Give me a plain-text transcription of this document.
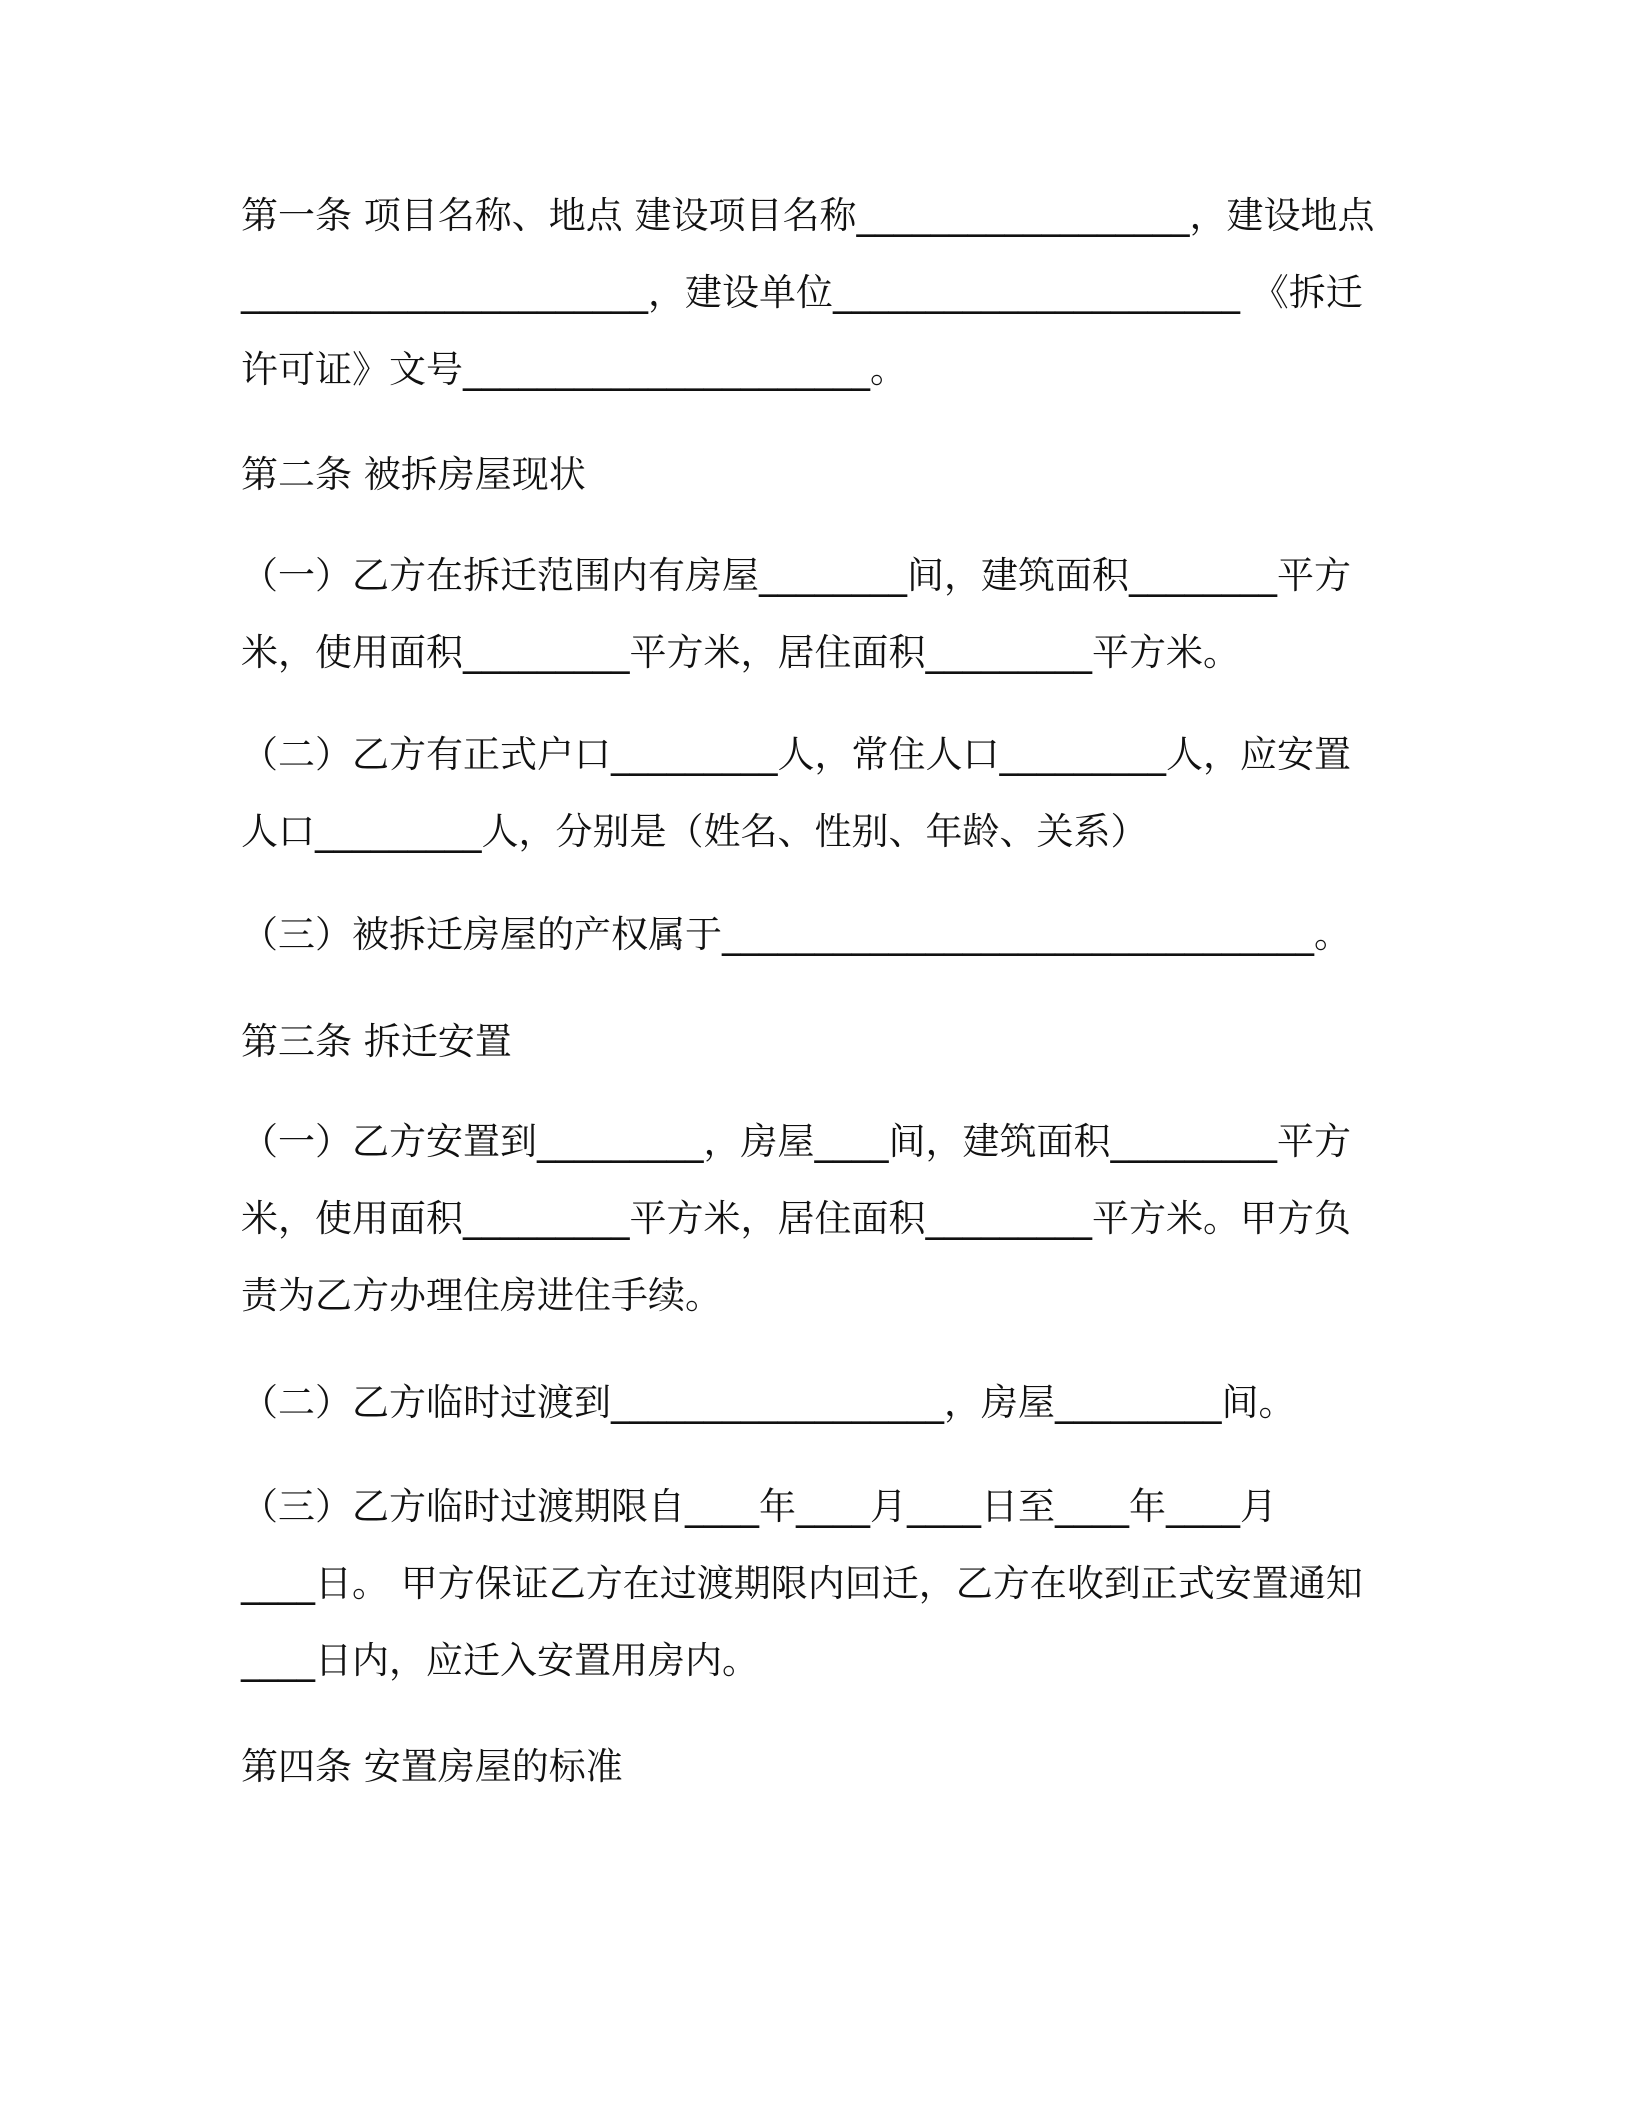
第一条 项目名称、地点 建设项目名称__________________，建设地点
______________________，建设单位______________________ 《拆迁
许可证》文号______________________。
第二条 被拆房屋现状
（一）乙方在拆迁范围内有房屋________间，建筑面积________平方
米，使用面积_________平方米，居住面积_________平方米。
（二）乙方有正式户口_________人，常住人口_________人，应安置
人口_________人，分别是（姓名、性别、年龄、关系）
（三）被拆迁房屋的产权属于________________________________。
第三条 拆迁安置
（一）乙方安置到_________，房屋____间，建筑面积_________平方
米，使用面积_________平方米，居住面积_________平方米。甲方负
责为乙方办理住房进住手续。
（二）乙方临时过渡到__________________，房屋_________间。
（三）乙方临时过渡期限自____年____月____日至____年____月
____日。 甲方保证乙方在过渡期限内回迁，乙方在收到正式安置通知
____日内，应迁入安置用房内。
第四条 安置房屋的标准
